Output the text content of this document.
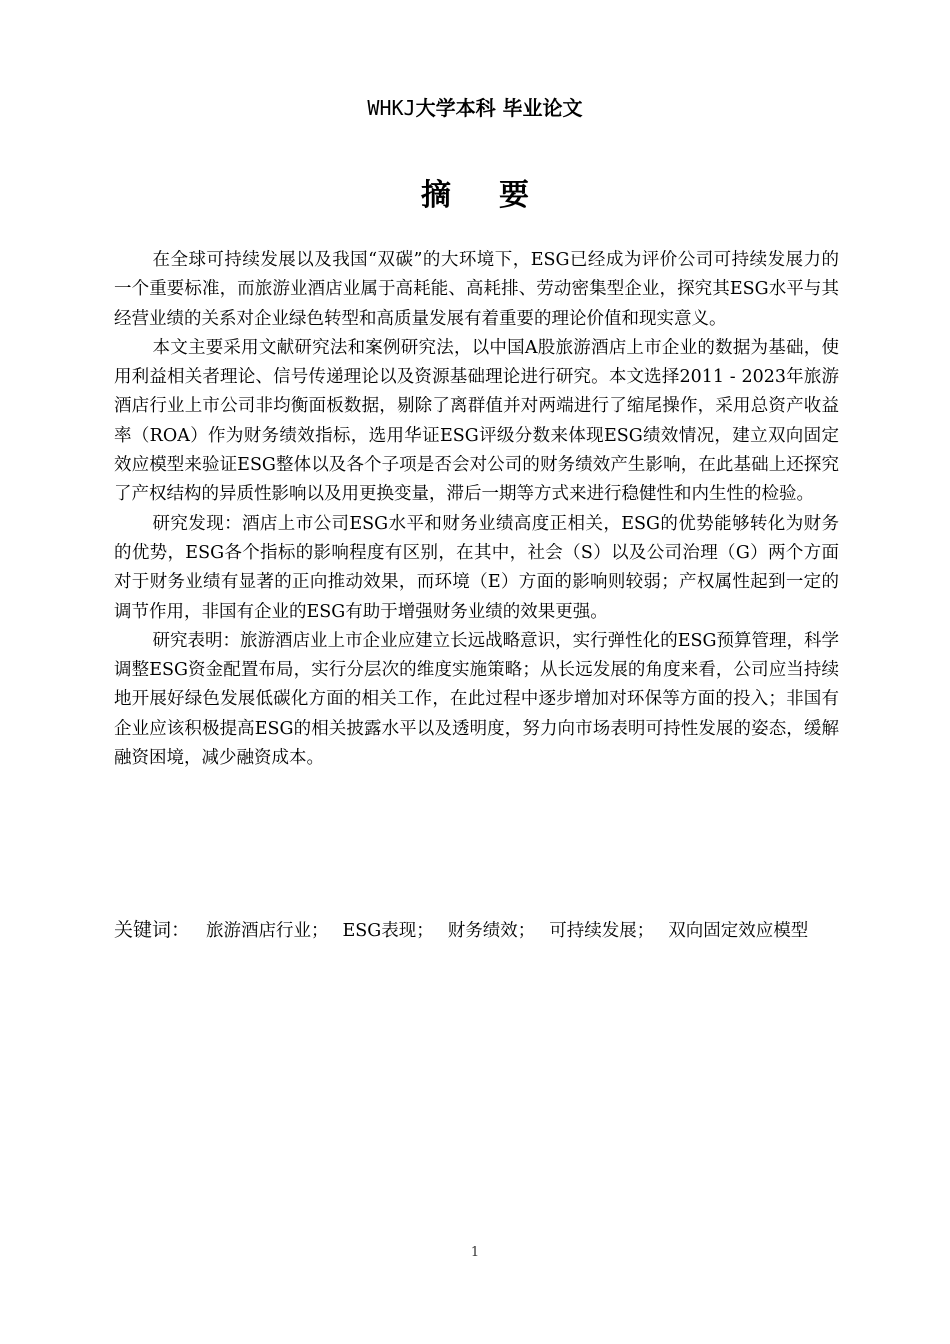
WHKJ大学本科 毕业论文
摘要

在全球可持续发展以及我国“双碳”的大环境下，ESG已经成为评价公司可持续发展力的一个重要标准，而旅游业酒店业属于高耗能、高耗排、劳动密集型企业，探究其ESG水平与其经营业绩的关系对企业绿色转型和高质量发展有着重要的理论价值和现实意义。

本文主要采用文献研究法和案例研究法，以中国A股旅游酒店上市企业的数据为基础，使用利益相关者理论、信号传递理论以及资源基础理论进行研究。本文选择2011 - 2023年旅游酒店行业上市公司非均衡面板数据，剔除了离群值并对两端进行了缩尾操作，采用总资产收益率（ROA）作为财务绩效指标，选用华证ESG评级分数来体现ESG绩效情况，建立双向固定效应模型来验证ESG整体以及各个子项是否会对公司的财务绩效产生影响，在此基础上还探究了产权结构的异质性影响以及用更换变量，滞后一期等方式来进行稳健性和内生性的检验。

研究发现：酒店上市公司ESG水平和财务业绩高度正相关，ESG的优势能够转化为财务的优势，ESG各个指标的影响程度有区别，在其中，社会（S）以及公司治理（G）两个方面对于财务业绩有显著的正向推动效果，而环境（E）方面的影响则较弱；产权属性起到一定的调节作用，非国有企业的ESG有助于增强财务业绩的效果更强。

研究表明：旅游酒店业上市企业应建立长远战略意识，实行弹性化的ESG预算管理，科学调整ESG资金配置布局，实行分层次的维度实施策略；从长远发展的角度来看，公司应当持续地开展好绿色发展低碳化方面的相关工作，在此过程中逐步增加对环保等方面的投入；非国有企业应该积极提高ESG的相关披露水平以及透明度，努力向市场表明可持性发展的姿态，缓解融资困境，减少融资成本。

关键词： 旅游酒店行业； ESG表现； 财务绩效； 可持续发展； 双向固定效应模型
1
